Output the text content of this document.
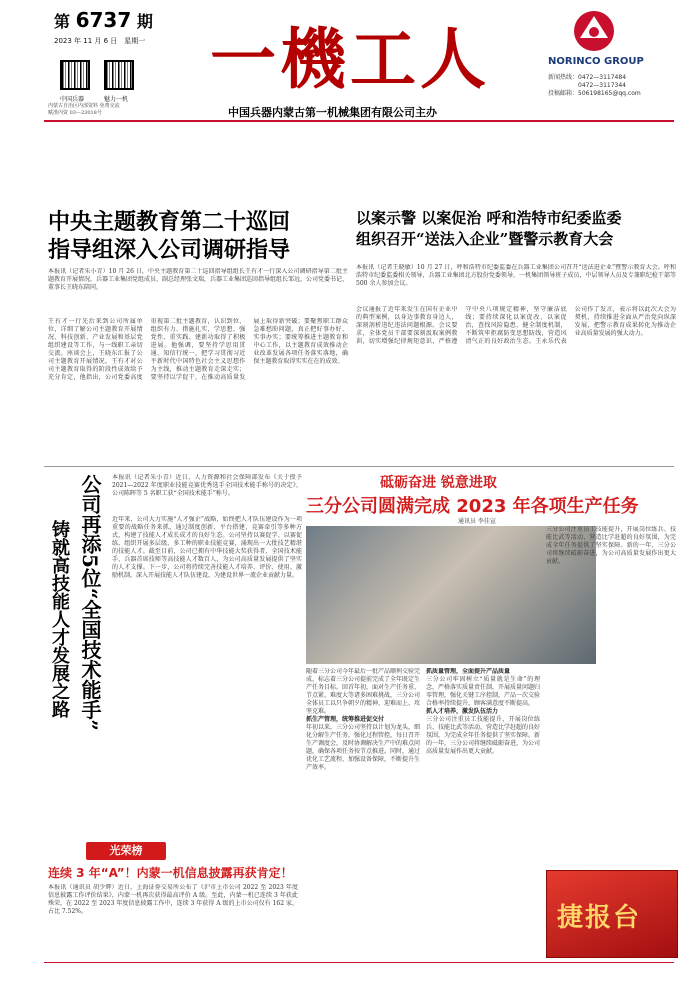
第 6737 期
2023 年 11 月 6 日　星期一
中国兵器	魅力一机
内蒙古自治区内部资料 免费交流
赋准内资 03—23018号
一機工人
中国兵器内蒙古第一机械集团有限公司主办
NORINCO GROUP
新闻热线：0472—3117484
0472—3117344
投稿邮箱：506198165@qq.com
中央主题教育第二十巡回
指导组深入公司调研指导
本报讯（记者朱小青）10 月 26 日，中央主题教育第二十巡回指导组组长王有才一行深入公司调研指导第二批主题教育开展情况，兵器工业集团党组成员、副总经理张文瑞，兵器工业集团巡回指导组组长邹远，公司党委书记、董事长王晓东陪同。
王有才一行先后来到公司所属单位，详细了解公司主题教育开展情况、科技创新、产业发展和基层党组织建设等工作，与一线职工亲切交流。座谈会上，王晓东汇报了公司主题教育开展情况，王有才对公司主题教育取得的阶段性成效给予充分肯定，他指出，公司党委高度重视第二批主题教育，认识到位、组织有力、措施扎实，学思想、强党性、重实践、建新功取得了积极进展。他强调，要坚持学思用贯通、知信行统一，把学习贯彻习近平新时代中国特色社会主义思想作为主线，推动主题教育走深走实；要坚持以学促干，在推动高质量发展上取得新突破；要聚焦职工群众急难愁盼问题，真正把好事办好、实事办实；要统筹推进主题教育和中心工作，以主题教育成效推动企业改革发展各项任务落实落地，确保主题教育取得实实在在的成效。
以案示警 以案促治 呼和浩特市纪委监委
组织召开“送法入企业”暨警示教育大会
本报讯（记者王晓敏）10 月 27 日，呼和浩特市纪委监委在兵器工业集团公司召开“送法进企业”暨警示教育大会。呼和浩特市纪委监委相关领导，兵器工业集团北方股份党委领导，一机集团领导班子成员，中层领导人员及专兼职纪检干部等 500 余人参加会议。
会议通报了近年来发生在国有企业中的典型案例，以身边事教育身边人，深刻剖析违纪违法问题根源。会议要求，全体党员干部要深刻汲取案例教训，切实增强纪律规矩意识，严格遵守中央八项规定精神，坚守廉洁底线；要持续深化以案促改、以案促治，查找风险隐患，健全制度机制，不断筑牢拒腐防变思想防线，营造风清气正的良好政治生态。王永乐代表公司作了发言，表示将以此次大会为契机，持续推进全面从严治党向纵深发展，把警示教育成果转化为推动企业高质量发展的强大动力。
公司再添5位“全国技术能手”
铸就高技能人才发展之路
本报讯（记者朱小青）近日，人力资源和社会保障部发布《关于授予 2021—2022 年度职业技能竞赛优秀选手全国技术能手称号的决定》，公司陈晖等 5 名职工获“全国技术能手”称号。
近年来，公司大力实施“人才强企”战略，始终把人才队伍建设作为一项重要的战略任务来抓，通过制度创新、平台搭建、竞赛牵引等多种方式，构建了技能人才成长成才的良好生态。公司坚持以赛促学、以赛促练，组织开展多层级、多工种的职业技能竞赛，涌现出一大批技艺精湛的技能人才。截至目前，公司已拥有中华技能大奖获得者、全国技术能手、兵器首席技师等高技能人才数百人，为公司高质量发展提供了坚实的人才支撑。下一步，公司将持续完善技能人才培养、评价、使用、激励机制，深入开展技能人才队伍建设，为建设世界一流企业贡献力量。
砥砺奋进 锐意进取
三分公司圆满完成 2023 年各项生产任务
通讯员 李佳宣
随着三分公司今年最后一批产品顺利交验完成，标志着三分公司提前完成了全年既定生产任务目标。回首年初，面对生产任务重、节点紧、难度大等诸多困难挑战，三分公司全体员工以只争朝夕的精神，迎难而上、攻坚克难。
抓生产管理，统筹推进促交付
年初以来，三分公司坚持以计划为龙头，细化分解生产任务，强化过程管控，每日召开生产调度会，及时协调解决生产中的难点问题，确保各项任务按节点推进。同时，通过优化工艺流程、加强设备保障，不断提升生产效率。
抓质量管理，全面提升产品质量
三分公司牢固树立“质量就是生命”的理念，严格落实质量责任制，开展质量问题归零管理，强化关键工序控制，产品一次交验合格率持续提升，顾客满意度不断提高。
抓人才培养，激发队伍活力
三分公司注重员工技能提升，开展岗位练兵、技能比武等活动，营造比学赶超的良好氛围，为完成全年任务提供了坚实保障。新的一年，三分公司将继续砥砺奋进，为公司高质量发展作出更大贡献。
三分公司注重员工技能提升，开展岗位练兵、技能比武等活动，营造比学赶超的良好氛围，为完成全年任务提供了坚实保障。新的一年，三分公司将继续砥砺奋进，为公司高质量发展作出更大贡献。
捷报台
光荣榜
连续 3 年“A”！内蒙一机信息披露再获肯定！
本报讯（通讯员 胡少辉）近日，上海证券交易所公布了《沪市上市公司 2022 至 2023 年度信息披露工作评价结果》，内蒙一机再次获得最高评价 A 级。至此，内蒙一机已连续 3 年获此殊荣，在 2022 至 2023 年度信息披露工作中，连续 3 年获得 A 级的上市公司仅有 162 家，占比 7.52%。
